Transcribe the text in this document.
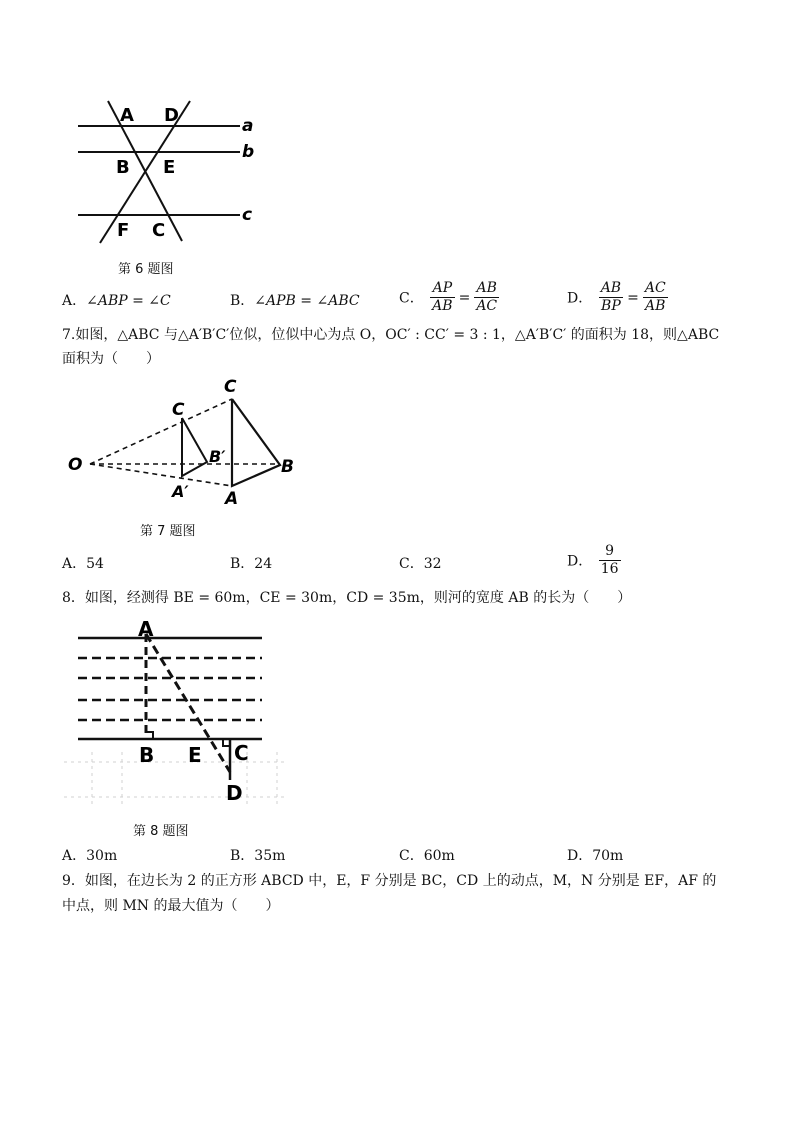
A D
B E
F C
a
b
c
第 6 题图
A．∠ABP = ∠C	B．∠APB = ∠ABC	C． $\frac{AP}{AB} = \frac{AB}{AC}$	D． $\frac{AB}{BP} = \frac{AC}{AB}$
7.如图，△ABC 与△A′B′C′位似，位似中心为点 O，OC′ : CC′ = 3 : 1，△A′B′C′ 的面积为 18，则△ABC
面积为（　　）
O
C
B′
A′
C
B
A
第 7 题图
A．54	B．24	C．32	D． $\frac{9}{16}$
8．如图，经测得 BE = 60m，CE = 30m，CD = 35m，则河的宽度 AB 的长为（　　）
A
B E C
D
第 8 题图
A．30m	B．35m	C．60m	D．70m
9．如图，在边长为 2 的正方形 ABCD 中，E，F 分别是 BC，CD 上的动点，M，N 分别是 EF，AF 的
中点，则 MN 的最大值为（　　）
